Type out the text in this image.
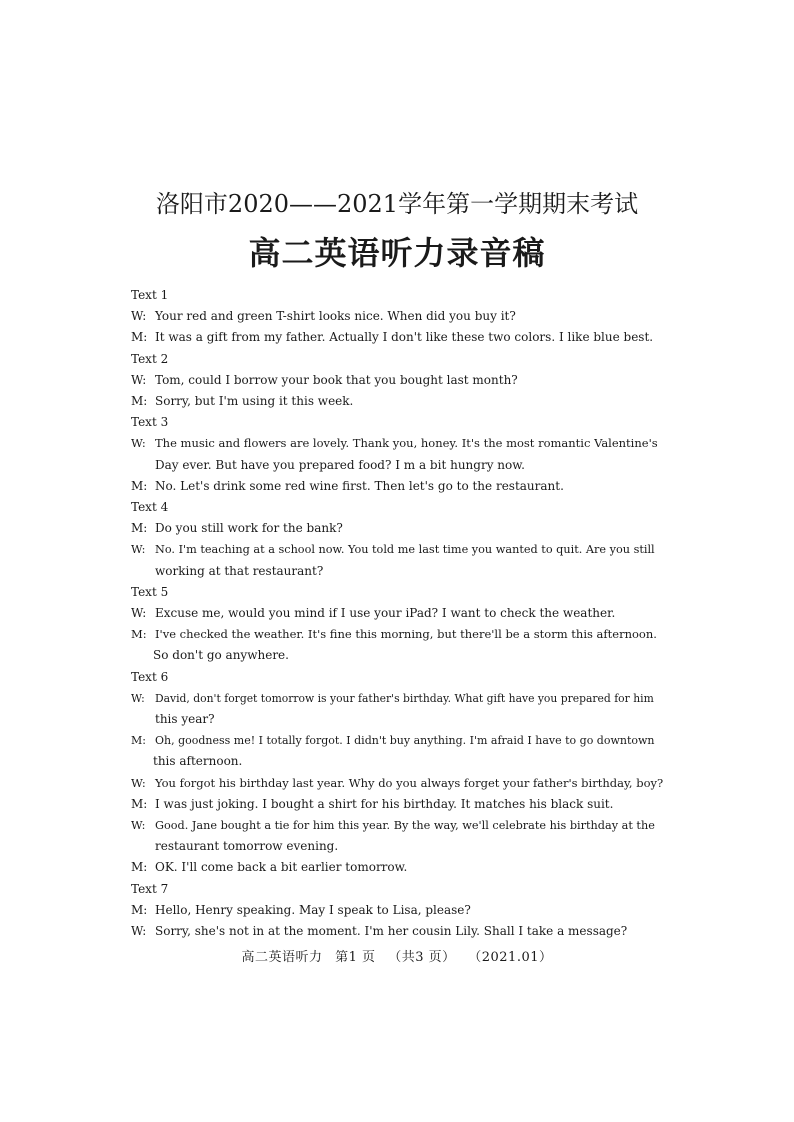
洛阳市2020——2021学年第一学期期末考试
高二英语听力录音稿
Text 1
W: Your red and green T-shirt looks nice. When did you buy it?
M: It was a gift from my father. Actually I don't like these two colors. I like blue best.
Text 2
W: Tom, could I borrow your book that you bought last month?
M: Sorry, but I'm using it this week.
Text 3
W: The music and flowers are lovely. Thank you, honey. It's the most romantic Valentine's
Day ever. But have you prepared food? I m a bit hungry now.
M: No. Let's drink some red wine first. Then let's go to the restaurant.
Text 4
M: Do you still work for the bank?
W: No. I'm teaching at a school now. You told me last time you wanted to quit. Are you still
working at that restaurant?
Text 5
W: Excuse me, would you mind if I use your iPad? I want to check the weather.
M: I've checked the weather. It's fine this morning, but there'll be a storm this afternoon.
So don't go anywhere.
Text 6
W: David, don't forget tomorrow is your father's birthday. What gift have you prepared for him
this year?
M: Oh, goodness me! I totally forgot. I didn't buy anything. I'm afraid I have to go downtown
this afternoon.
W: You forgot his birthday last year. Why do you always forget your father's birthday, boy?
M: I was just joking. I bought a shirt for his birthday. It matches his black suit.
W: Good. Jane bought a tie for him this year. By the way, we'll celebrate his birthday at the
restaurant tomorrow evening.
M: OK. I'll come back a bit earlier tomorrow.
Text 7
M: Hello, Henry speaking. May I speak to Lisa, please?
W: Sorry, she's not in at the moment. I'm her cousin Lily. Shall I take a message?
高二英语听力 第1 页 （共3 页） （2021.01）
